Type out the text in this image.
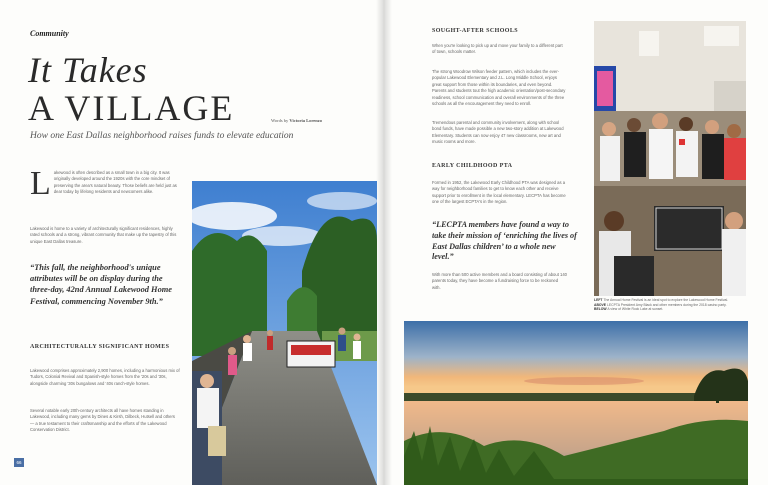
Community
It Takes
A VILLAGE	Words by Victoria Lorenzo
How one East Dallas neighborhood raises funds to elevate education
L akewood is often described as a small town in a big city. It was originally developed around the 1920s with the core mindset of preserving the area's natural beauty. Those beliefs are held just as dear today by lifelong residents and newcomers alike.
Lakewood is home to a variety of architecturally significant residences, highly rated schools and a strong, vibrant community that make up the tapestry of this unique East Dallas treasure.
“This fall, the neighborhood's unique attributes will be on display during the three-day, 42nd Annual Lakewood Home Festival, commencing November 9th.”
ARCHITECTURALLY SIGNIFICANT HOMES
Lakewood comprises approximately 2,900 homes, including a harmonious mix of Tudors, Colonial Revival and Spanish-style homes from the '20s and '30s, alongside charming '30s bungalows and '40s ranch-style homes.
Several notable early 20th-century architects all have homes standing in Lakewood, including many gems by Dines & Kirsh, Dilbeck, Hutsell and others — a true testament to their craftsmanship and the efforts of the Lakewood Conservation District.
66
SOUGHT-AFTER SCHOOLS
When you're looking to pick up and move your family to a different part of town, schools matter.
The strong Woodrow Wilson feeder pattern, which includes the ever-popular Lakewood Elementary and J.L. Long Middle School, enjoys great support from those within its boundaries, and even beyond. Parents and students tout the high academic orientation/post-secondary readiness, school communication and overall environments of the three schools as all the encouragement they need to enroll.
Tremendous parental and community involvement, along with school bond funds, have made possible a new two-story addition at Lakewood Elementary. Students can now enjoy 47 new classrooms, new art and music rooms and more.
EARLY CHILDHOOD PTA
Formed in 1952, the Lakewood Early Childhood PTA was designed as a way for neighborhood families to get to know each other and receive support prior to enrollment in the local elementary. LECPTA has become one of the largest ECPTA's in the region.
“LECPTA members have found a way to take their mission of ‘enriching the lives of East Dallas children’ to a whole new level.”
With more than 500 active members and a board consisting of about 140 parents today, they have become a fundraising force to be reckoned with.
LEFT The Annual Home Festival is an ideal spot to explore the Lakewood Home Festival.
ABOVE LECPTA President Amy Black and other members during the 2018 casino party.
BELOW A view of White Rock Lake at sunset.
